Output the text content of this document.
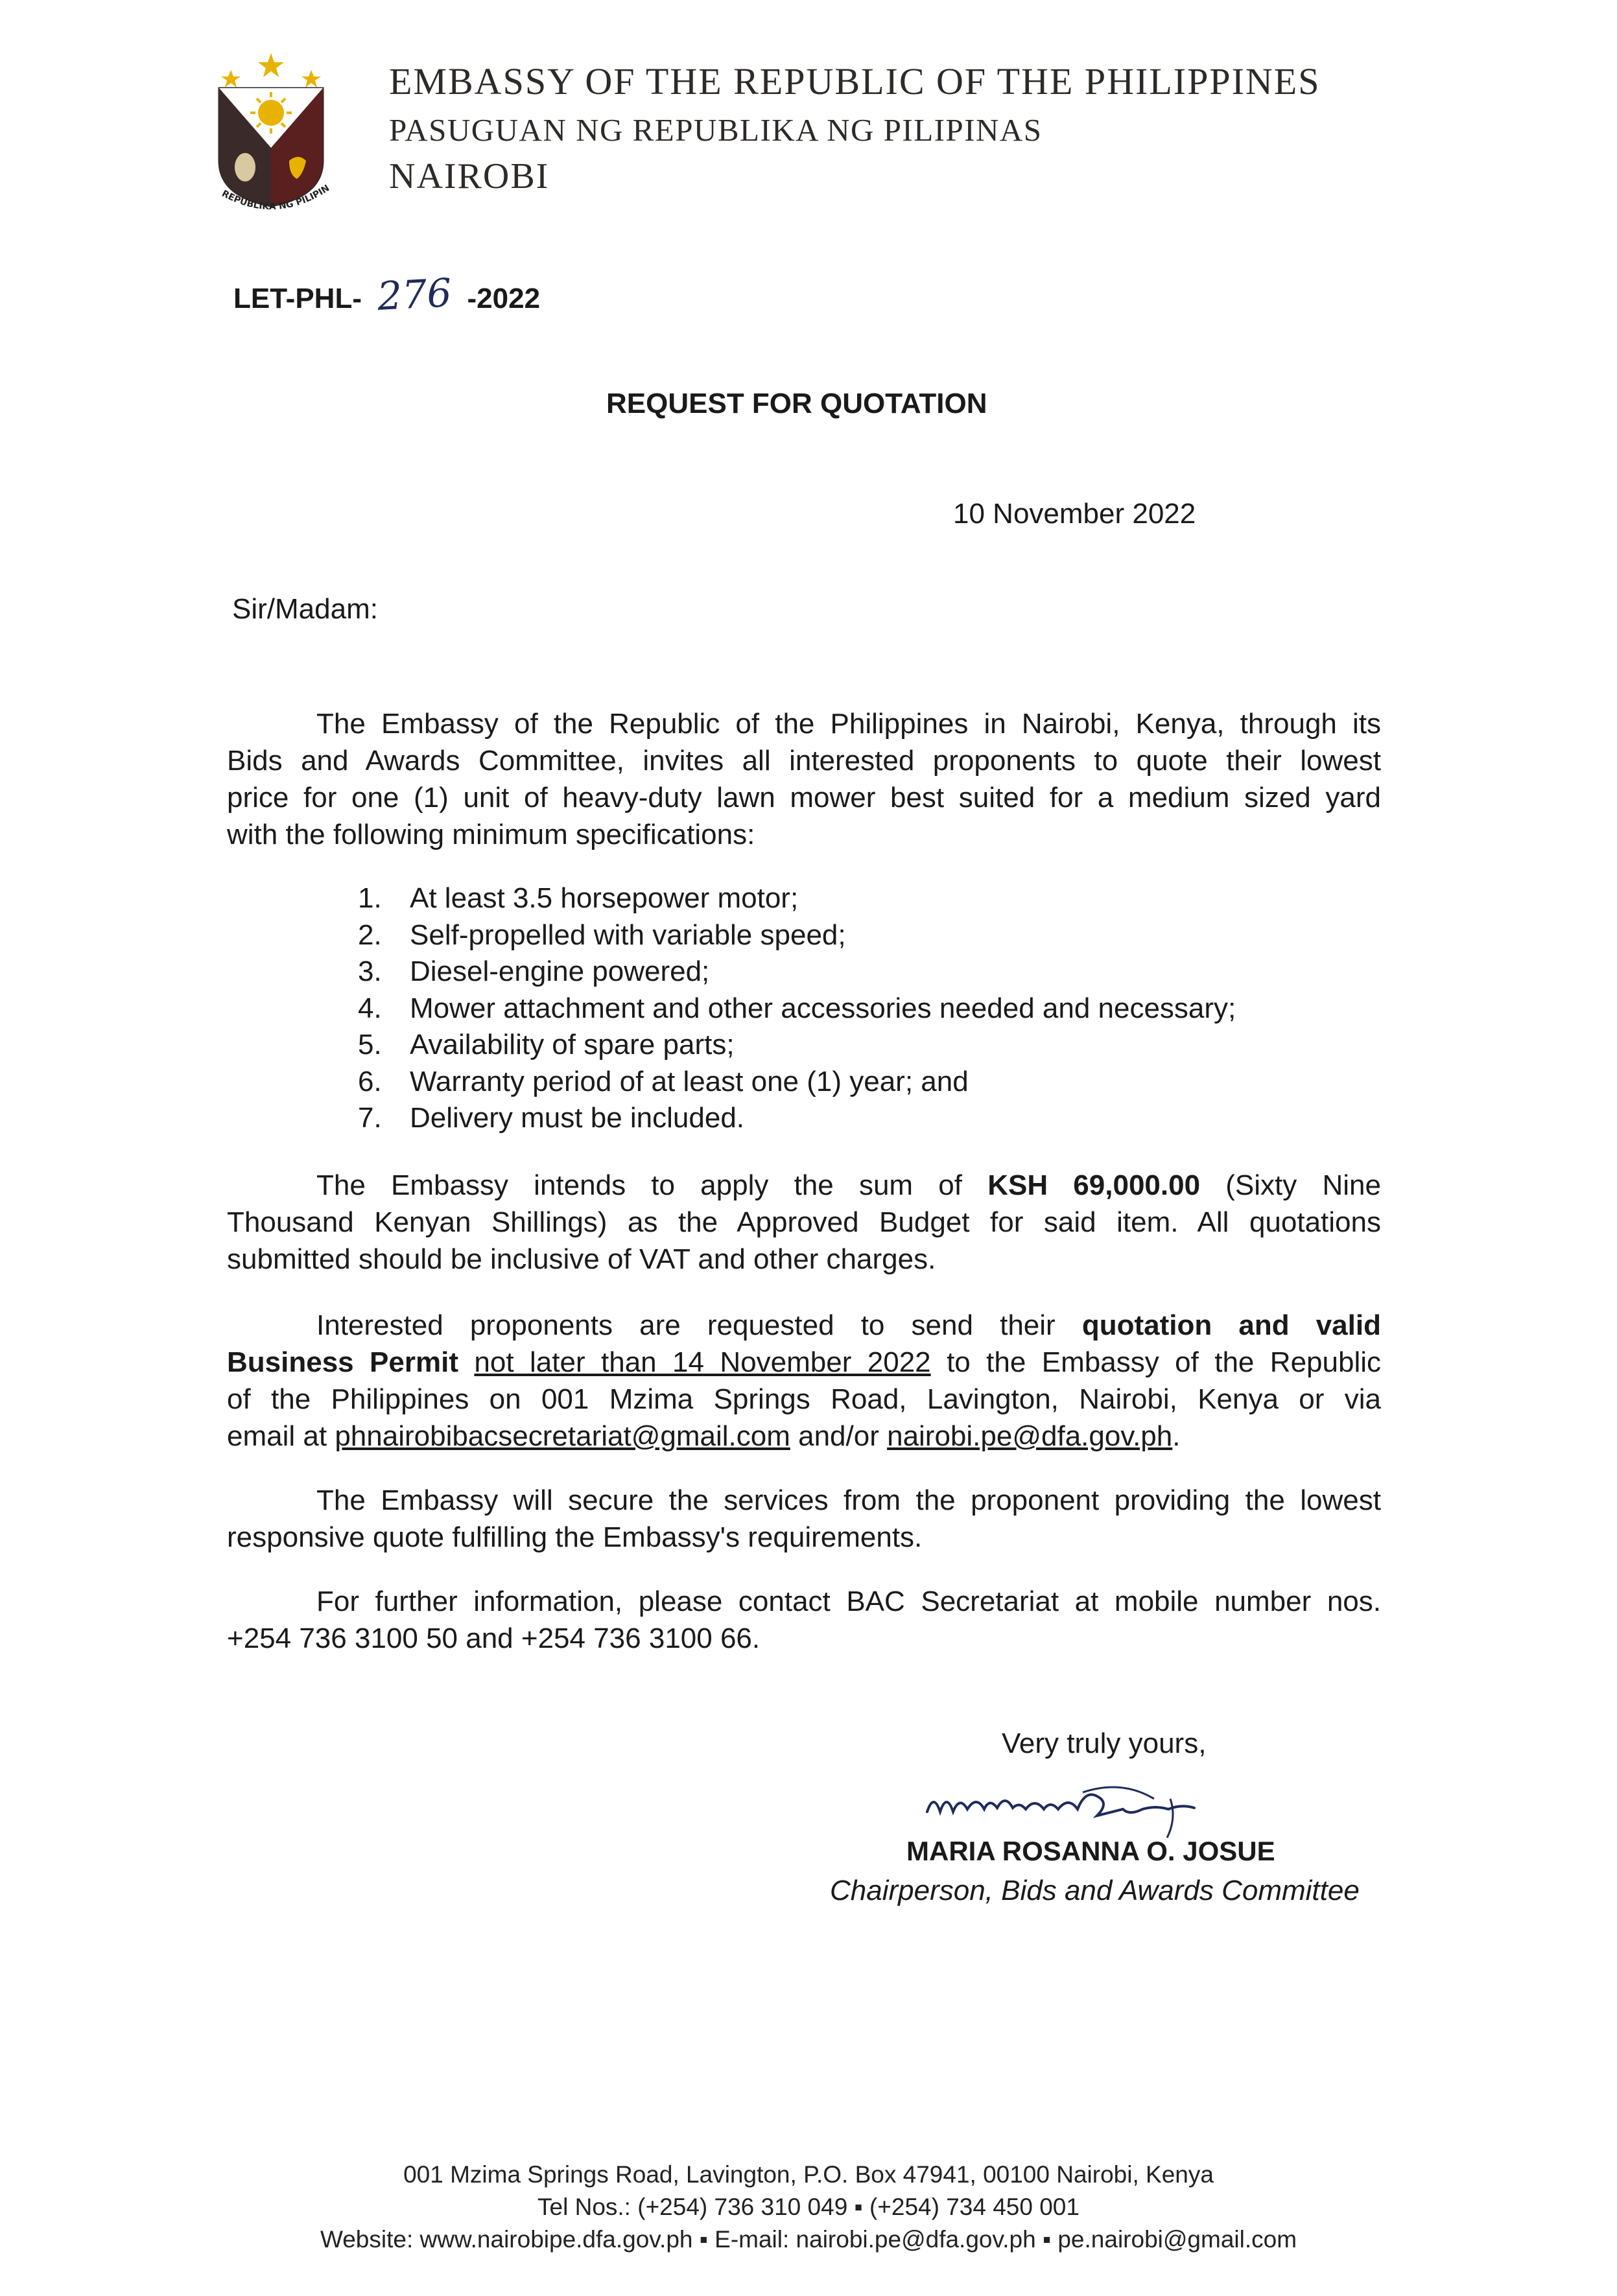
REPUBLIKA NG PILIPIN
EMBASSY OF THE REPUBLIC OF THE PHILIPPINES
PASUGUAN NG REPUBLIKA NG PILIPINAS
NAIROBI
LET-PHL- 276 -2022
REQUEST FOR QUOTATION
10 November 2022
Sir/Madam:
The Embassy of the Republic of the Philippines in Nairobi, Kenya, through its
Bids and Awards Committee, invites all interested proponents to quote their lowest
price for one (1) unit of heavy-duty lawn mower best suited for a medium sized yard
with the following minimum specifications:
1. At least 3.5 horsepower motor;
2. Self-propelled with variable speed;
3. Diesel-engine powered;
4. Mower attachment and other accessories needed and necessary;
5. Availability of spare parts;
6. Warranty period of at least one (1) year; and
7. Delivery must be included.
The Embassy intends to apply the sum of KSH 69,000.00 (Sixty Nine
Thousand Kenyan Shillings) as the Approved Budget for said item. All quotations
submitted should be inclusive of VAT and other charges.
Interested proponents are requested to send their quotation and valid
Business Permit not later than 14 November 2022 to the Embassy of the Republic
of the Philippines on 001 Mzima Springs Road, Lavington, Nairobi, Kenya or via
email at phnairobibacsecretariat@gmail.com and/or nairobi.pe@dfa.gov.ph.
The Embassy will secure the services from the proponent providing the lowest
responsive quote fulfilling the Embassy's requirements.
For further information, please contact BAC Secretariat at mobile number nos.
+254 736 3100 50 and +254 736 3100 66.
Very truly yours,
MARIA ROSANNA O. JOSUE
Chairperson, Bids and Awards Committee
001 Mzima Springs Road, Lavington, P.O. Box 47941, 00100 Nairobi, Kenya
Tel Nos.: (+254) 736 310 049 ▪ (+254) 734 450 001
Website: www.nairobipe.dfa.gov.ph ▪ E-mail: nairobi.pe@dfa.gov.ph ▪ pe.nairobi@gmail.com
